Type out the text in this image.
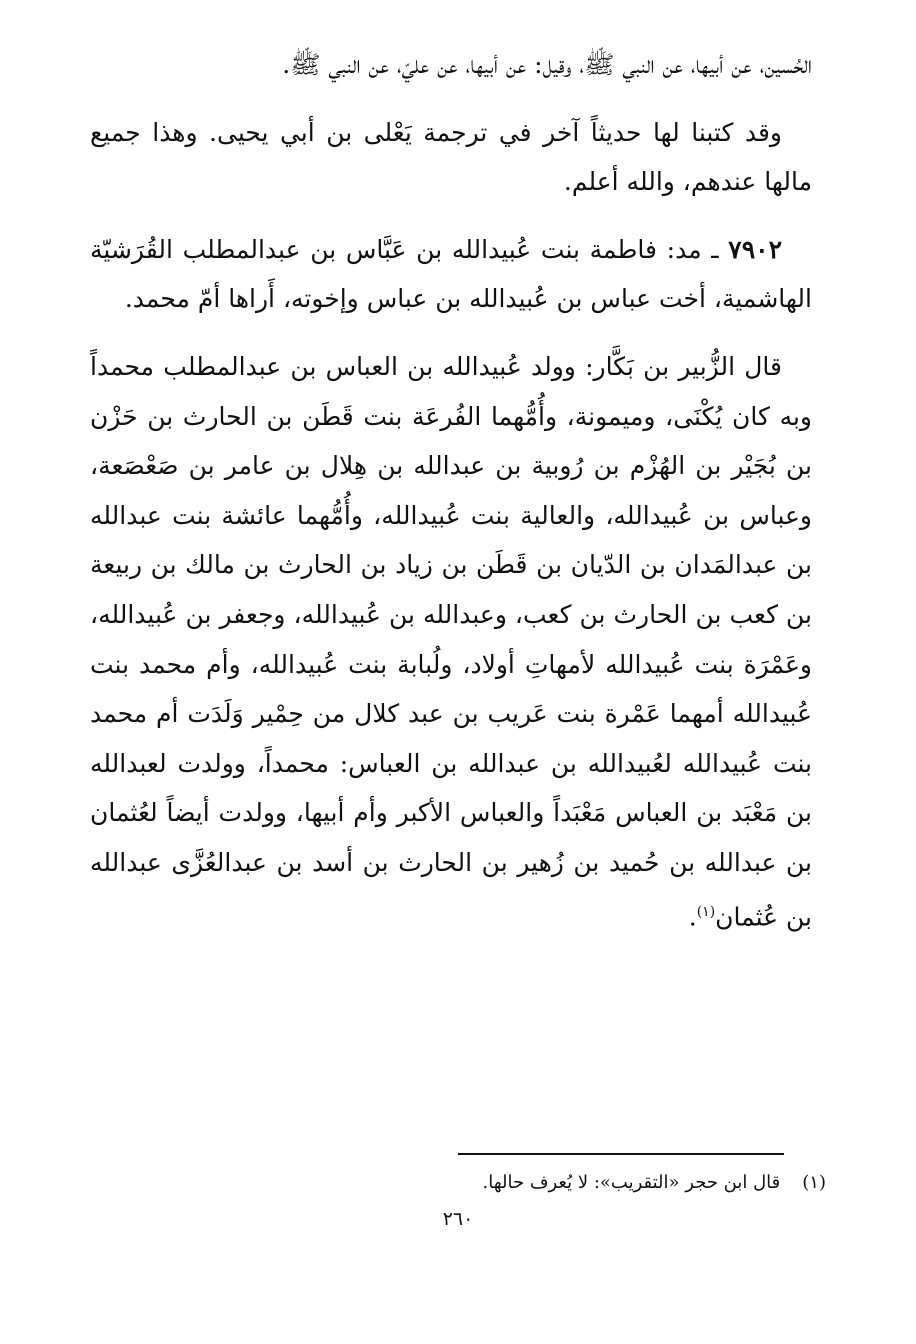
الحُسين، عن أبيها، عن النبي ﷺ، وقيل: عن أبيها، عن عليّ، عن النبي ﷺ.

وقد كتبنا لها حديثاً آخر في ترجمة يَعْلى بن أبي يحيى. وهذا جميع مالها عندهم، والله أعلم.

٧٩٠٢ ـ مد: فاطمة بنت عُبيدالله بن عَبَّاس بن عبدالمطلب القُرَشيّة الهاشمية، أخت عباس بن عُبيدالله بن عباس وإخوته، أَراها أمّ محمد.

قال الزُّبير بن بَكَّار: وولد عُبيدالله بن العباس بن عبدالمطلب محمداً وبه كان يُكْنَى، وميمونة، وأُمُّهما الفُرعَة بنت قَطَن بن الحارث بن حَزْن بن بُجَيْر بن الهُزْم بن رُوبية بن عبدالله بن هِلال بن عامر بن صَعْصَعة، وعباس بن عُبيدالله، والعالية بنت عُبيدالله، وأُمُّهما عائشة بنت عبدالله بن عبدالمَدان بن الدّيان بن قَطَن بن زياد بن الحارث بن مالك بن ربيعة بن كعب بن الحارث بن كعب، وعبدالله بن عُبيدالله، وجعفر بن عُبيدالله، وعَمْرَة بنت عُبيدالله لأمهاتِ أولاد، ولُبابة بنت عُبيدالله، وأم محمد بنت عُبيدالله أمهما عَمْرة بنت عَريب بن عبد كلال من حِمْير وَلَدَت أم محمد بنت عُبيدالله لعُبيدالله بن عبدالله بن العباس: محمداً، وولدت لعبدالله بن مَعْبَد بن العباس مَعْبَداً والعباس الأكبر وأم أبيها، وولدت أيضاً لعُثمان بن عبدالله بن حُميد بن زُهير بن الحارث بن أسد بن عبدالعُزَّى عبدالله بن عُثمان$^{(١)}$.

(١)قال ابن حجر «التقريب»: لا يُعرف حالها.
٢٦٠
